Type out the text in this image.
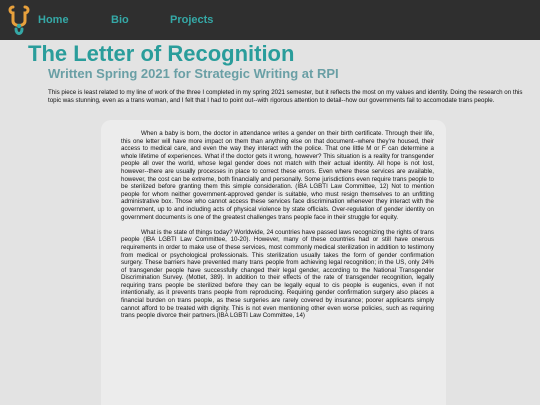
Home	Bio	Projects
The Letter of Recognition
Written Spring 2021 for Strategic Writing at RPI

This piece is least related to my line of work of the three I completed in my spring 2021 semester, but it reflects the most on my values and identity. Doing the research on this topic was stunning, even as a trans woman, and I felt that I had to point out--with rigorous attention to detail--how our governments fail to accomodate trans people.

When a baby is born, the doctor in attendance writes a gender on their birth certificate. Through their life, this one letter will have more impact on them than anything else on that document--where they're housed, their access to medical care, and even the way they interact with the police. That one little M or F can determine a whole lifetime of experiences. What if the doctor gets it wrong, however? This situation is a reality for transgender people all over the world, whose legal gender does not match with their actual identity. All hope is not lost, however--there are usually processes in place to correct these errors. Even where these services are available, however, the cost can be extreme, both financially and personally. Some jurisdictions even require trans people to be sterilized before granting them this simple consideration. (IBA LGBTI Law Committee, 12) Not to mention people for whom neither government-approved gender is suitable, who must resign themselves to an unfitting administrative box. Those who cannot access these services face discrimination whenever they interact with the government, up to and including acts of physical violence by state officials. Over-regulation of gender identity on government documents is one of the greatest challenges trans people face in their struggle for equity.

What is the state of things today? Worldwide, 24 countries have passed laws recognizing the rights of trans people (IBA LGBTI Law Committee, 10-20). However, many of these countries had or still have onerous requirements in order to make use of these services, most commonly medical sterilization in addition to testimony from medical or psychological professionals. This sterilization usually takes the form of gender confirmation surgery. These barriers have prevented many trans people from achieving legal recognition; in the US, only 24% of transgender people have successfully changed their legal gender, according to the National Transgender Discrimination Survey. (Mottet, 389). In addition to their effects of the rate of transgender recognition, legally requiring trans people be sterilized before they can be legally equal to cis people is eugenics, even if not intentionally, as it prevents trans people from reproducing. Requiring gender confirmation surgery also places a financial burden on trans people, as these surgeries are rarely covered by insurance; poorer applicants simply cannot afford to be treated with dignity. This is not even mentioning other even worse policies, such as requiring trans people divorce their partners.(IBA LGBTI Law Committee, 14)
